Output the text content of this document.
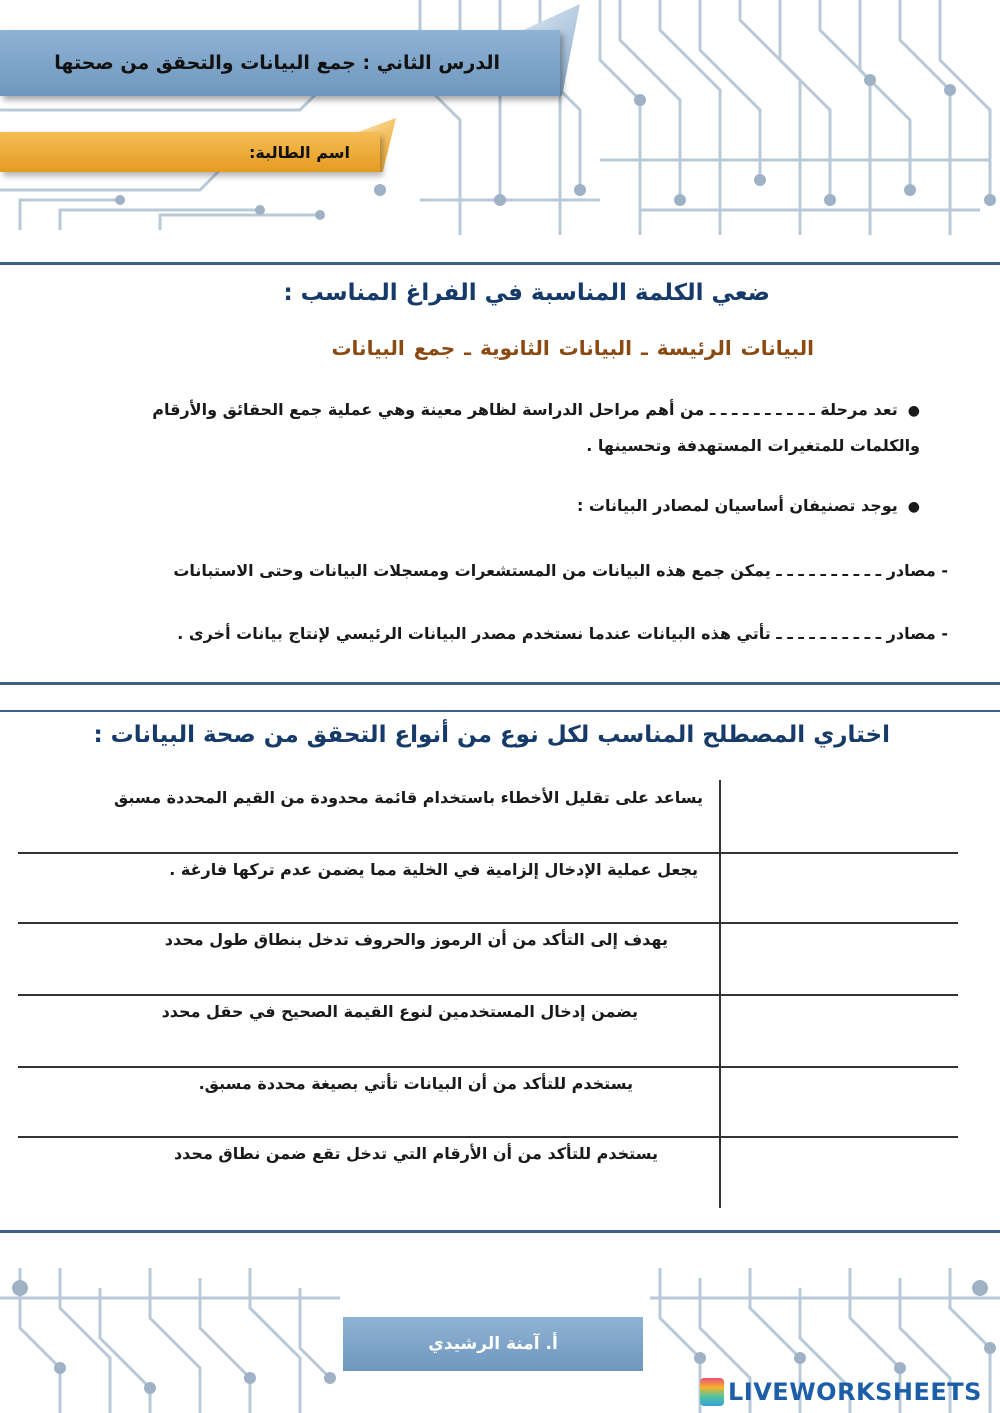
الدرس الثاني : جمع البيانات والتحقق من صحتها
اسم الطالبة:
ضعي الكلمة المناسبة في الفراغ المناسب :
البيانات الرئيسة ـ البيانات الثانوية ـ جمع البيانات
●تعد مرحلة ـ ـ ـ ـ ـ ـ ـ ـ ـ ـ من أهم مراحل الدراسة لظاهر معينة وهي عملية جمع الحقائق والأرقام
والكلمات للمتغيرات المستهدفة وتحسينها .
●يوجد تصنيفان أساسيان لمصادر البيانات :
- مصادر ـ ـ ـ ـ ـ ـ ـ ـ ـ ـ يمكن جمع هذه البيانات من المستشعرات ومسجلات البيانات وحتى الاستبانات
- مصادر ـ ـ ـ ـ ـ ـ ـ ـ ـ ـ تأتي هذه البيانات عندما نستخدم مصدر البيانات الرئيسي لإنتاج بيانات أخرى .
اختاري المصطلح المناسب لكل نوع من أنواع التحقق من صحة البيانات :
يساعد على تقليل الأخطاء باستخدام قائمة محدودة من القيم المحددة مسبق
يجعل عملية الإدخال إلزامية في الخلية مما يضمن عدم تركها فارغة .
يهدف إلى التأكد من أن الرموز والحروف تدخل بنطاق طول محدد
يضمن إدخال المستخدمين لنوع القيمة الصحيح في حقل محدد
يستخدم للتأكد من أن البيانات تأتي بصيغة محددة مسبق.
يستخدم للتأكد من أن الأرقام التي تدخل تقع ضمن نطاق محدد
أ. آمنة الرشيدي
LIVEWORKSHEETS
